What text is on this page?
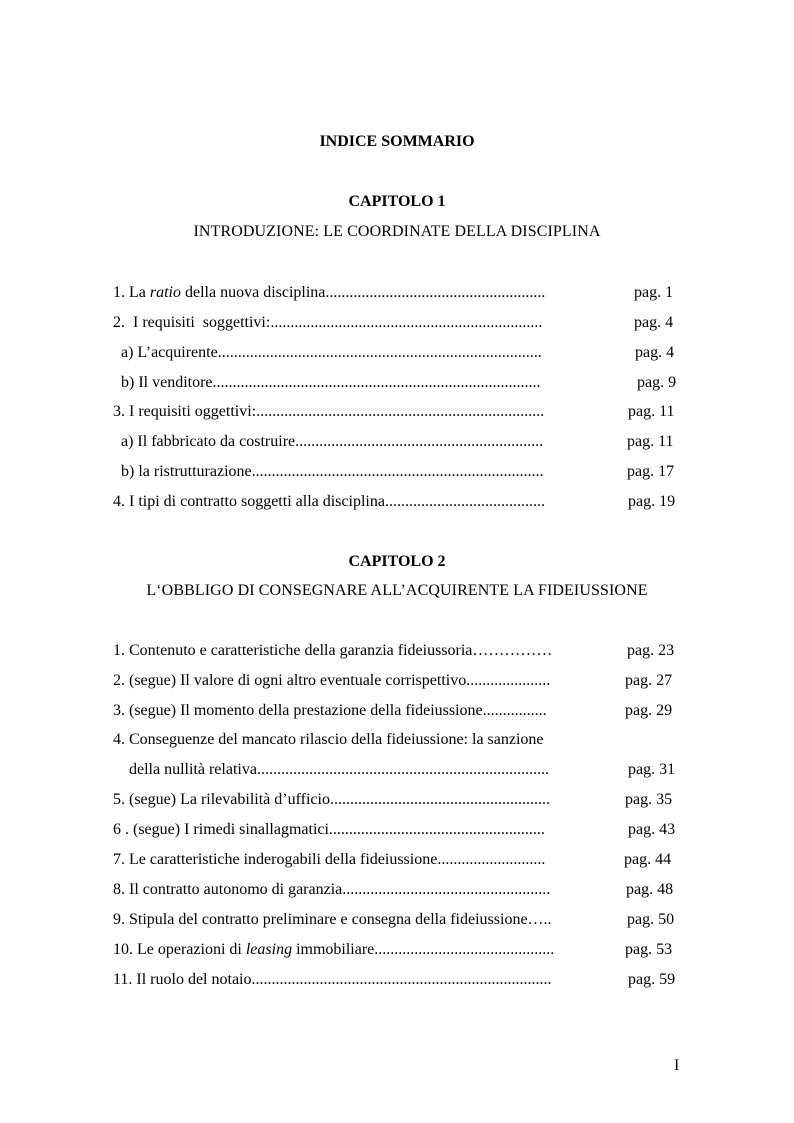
INDICE SOMMARIO
CAPITOLO 1
INTRODUZIONE: LE COORDINATE DELLA DISCIPLINA
1. La ratio della nuova disciplina.......................................................	pag. 1
2.  I requisiti  soggettivi:....................................................................	pag. 4
a) L’acquirente.................................................................................	pag. 4
b) Il venditore..................................................................................	pag. 9
3. I requisiti oggettivi:........................................................................	pag. 11
a) Il fabbricato da costruire..............................................................	pag. 11
b) la ristrutturazione.........................................................................	pag. 17
4. I tipi di contratto soggetti alla disciplina........................................	pag. 19
CAPITOLO 2
L‘OBBLIGO DI CONSEGNARE ALL’ACQUIRENTE LA FIDEIUSSIONE
1. Contenuto e caratteristiche della garanzia fideiussoria……………	pag. 23
2. (segue) Il valore di ogni altro eventuale corrispettivo.....................	pag. 27
3. (segue) Il momento della prestazione della fideiussione................	pag. 29
4. Conseguenze del mancato rilascio della fideiussione: la sanzione
della nullità relativa.........................................................................	pag. 31
5. (segue) La rilevabilità d’ufficio.......................................................	pag. 35
6 . (segue) I rimedi sinallagmatici......................................................	pag. 43
7. Le caratteristiche inderogabili della fideiussione...........................	pag. 44
8. Il contratto autonomo di garanzia....................................................	pag. 48
9. Stipula del contratto preliminare e consegna della fideiussione…..	pag. 50
10. Le operazioni di leasing immobiliare.............................................	pag. 53
11. Il ruolo del notaio...........................................................................	pag. 59
I
